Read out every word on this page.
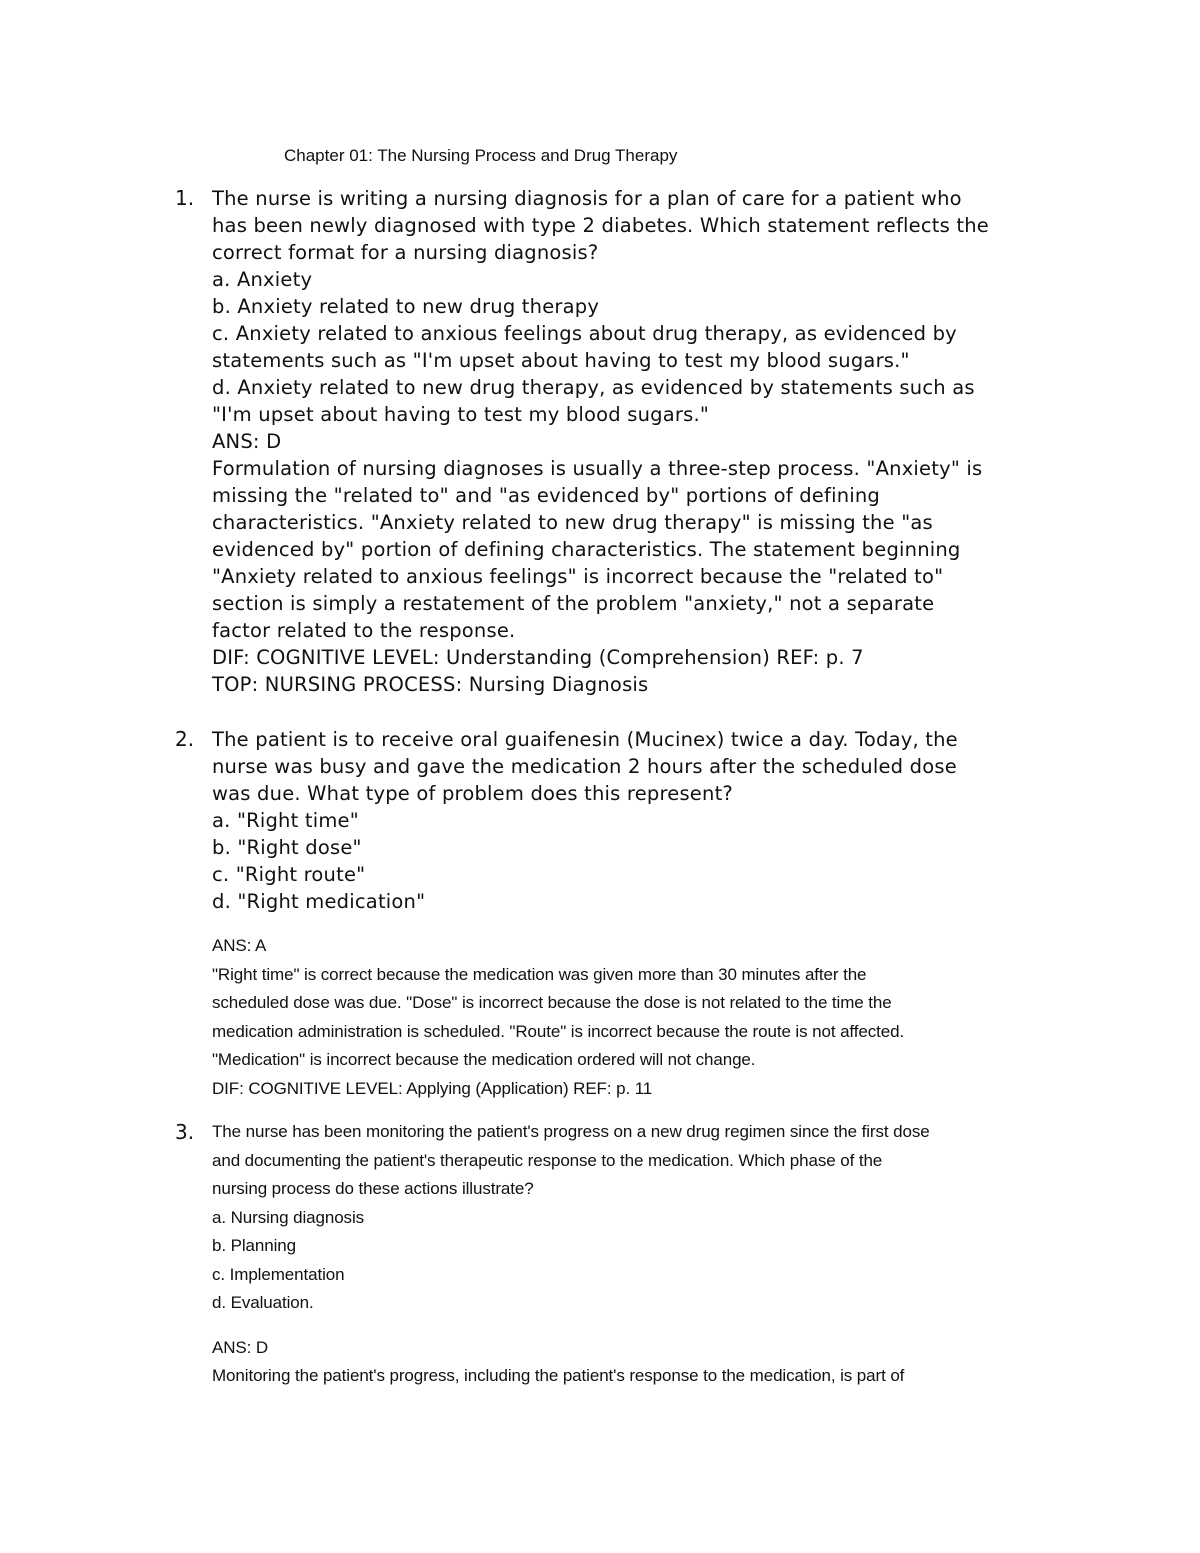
Chapter 01: The Nursing Process and Drug Therapy
1. The nurse is writing a nursing diagnosis for a plan of care for a patient who
has been newly diagnosed with type 2 diabetes. Which statement reflects the
correct format for a nursing diagnosis?
a. Anxiety
b. Anxiety related to new drug therapy
c. Anxiety related to anxious feelings about drug therapy, as evidenced by
statements such as "I'm upset about having to test my blood sugars."
d. Anxiety related to new drug therapy, as evidenced by statements such as
"I'm upset about having to test my blood sugars."
ANS: D
Formulation of nursing diagnoses is usually a three-step process. "Anxiety" is
missing the "related to" and "as evidenced by" portions of defining
characteristics. "Anxiety related to new drug therapy" is missing the "as
evidenced by" portion of defining characteristics. The statement beginning
"Anxiety related to anxious feelings" is incorrect because the "related to"
section is simply a restatement of the problem "anxiety," not a separate
factor related to the response.
DIF: COGNITIVE LEVEL: Understanding (Comprehension) REF: p. 7
TOP: NURSING PROCESS: Nursing Diagnosis
2. The patient is to receive oral guaifenesin (Mucinex) twice a day. Today, the
nurse was busy and gave the medication 2 hours after the scheduled dose
was due. What type of problem does this represent?
a. "Right time"
b. "Right dose"
c. "Right route"
d. "Right medication"
ANS: A
"Right time" is correct because the medication was given more than 30 minutes after the
scheduled dose was due. "Dose" is incorrect because the dose is not related to the time the
medication administration is scheduled. "Route" is incorrect because the route is not affected.
"Medication" is incorrect because the medication ordered will not change.
DIF: COGNITIVE LEVEL: Applying (Application) REF: p. 11
3. The nurse has been monitoring the patient's progress on a new drug regimen since the first dose
and documenting the patient's therapeutic response to the medication. Which phase of the
nursing process do these actions illustrate?
a. Nursing diagnosis
b. Planning
c. Implementation
d. Evaluation.
ANS: D
Monitoring the patient's progress, including the patient's response to the medication, is part of
